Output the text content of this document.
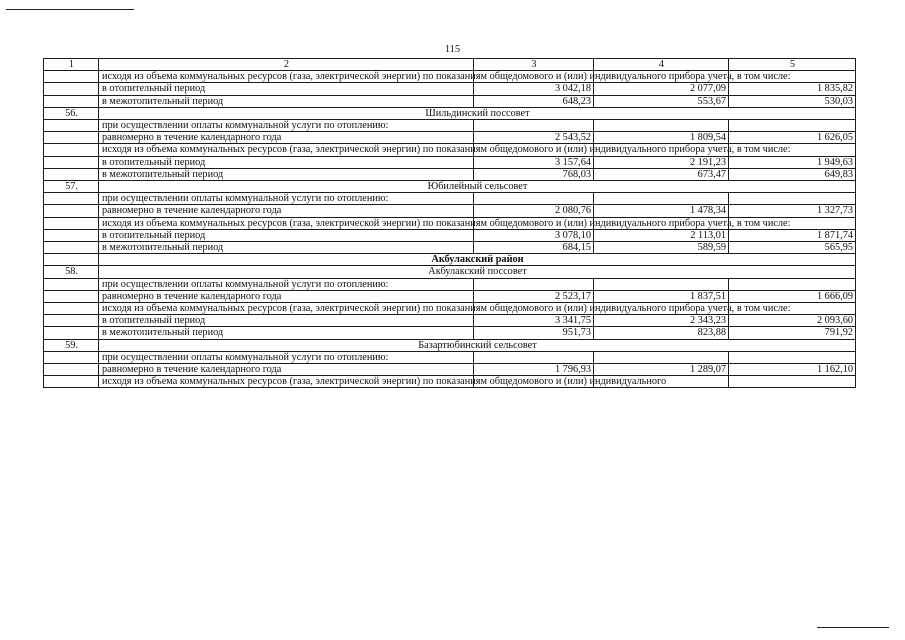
115
1	2	3	4	5
	исходя из объема коммунальных ресурсов (газа, электрической энергии) по показаниям общедомового и (или) индивидуального прибора учета, в том числе:			
	в отопительный период	3 042,18	2 077,09	1 835,82
	в межотопительный период	648,23	553,67	530,03
56.	Шильдинский поссовет			
	при осуществлении оплаты коммунальной услуги по отоплению:			
	равномерно в течение календарного года	2 543,52	1 809,54	1 626,05
	исходя из объема коммунальных ресурсов (газа, электрической энергии) по показаниям общедомового и (или) индивидуального прибора учета, в том числе:			
	в отопительный период	3 157,64	2 191,23	1 949,63
	в межотопительный период	768,03	673,47	649,83
57.	Юбилейный сельсовет			
	при осуществлении оплаты коммунальной услуги по отоплению:			
	равномерно в течение календарного года	2 080,76	1 478,34	1 327,73
	исходя из объема коммунальных ресурсов (газа, электрической энергии) по показаниям общедомового и (или) индивидуального прибора учета, в том числе:			
	в отопительный период	3 078,10	2 113,01	1 871,74
	в межотопительный период	684,15	589,59	565,95
	Акбулакский район			
58.	Акбулакский поссовет			
	при осуществлении оплаты коммунальной услуги по отоплению:			
	равномерно в течение календарного года	2 523,17	1 837,51	1 666,09
	исходя из объема коммунальных ресурсов (газа, электрической энергии) по показаниям общедомового и (или) индивидуального прибора учета, в том числе:			
	в отопительный период	3 341,75	2 343,23	2 093,60
	в межотопительный период	951,73	823,88	791,92
59.	Базартюбинский сельсовет			
	при осуществлении оплаты коммунальной услуги по отоплению:			
	равномерно в течение календарного года	1 796,93	1 289,07	1 162,10
	исходя из объема коммунальных ресурсов (газа, электрической энергии) по показаниям общедомового и (или) индивидуального			
